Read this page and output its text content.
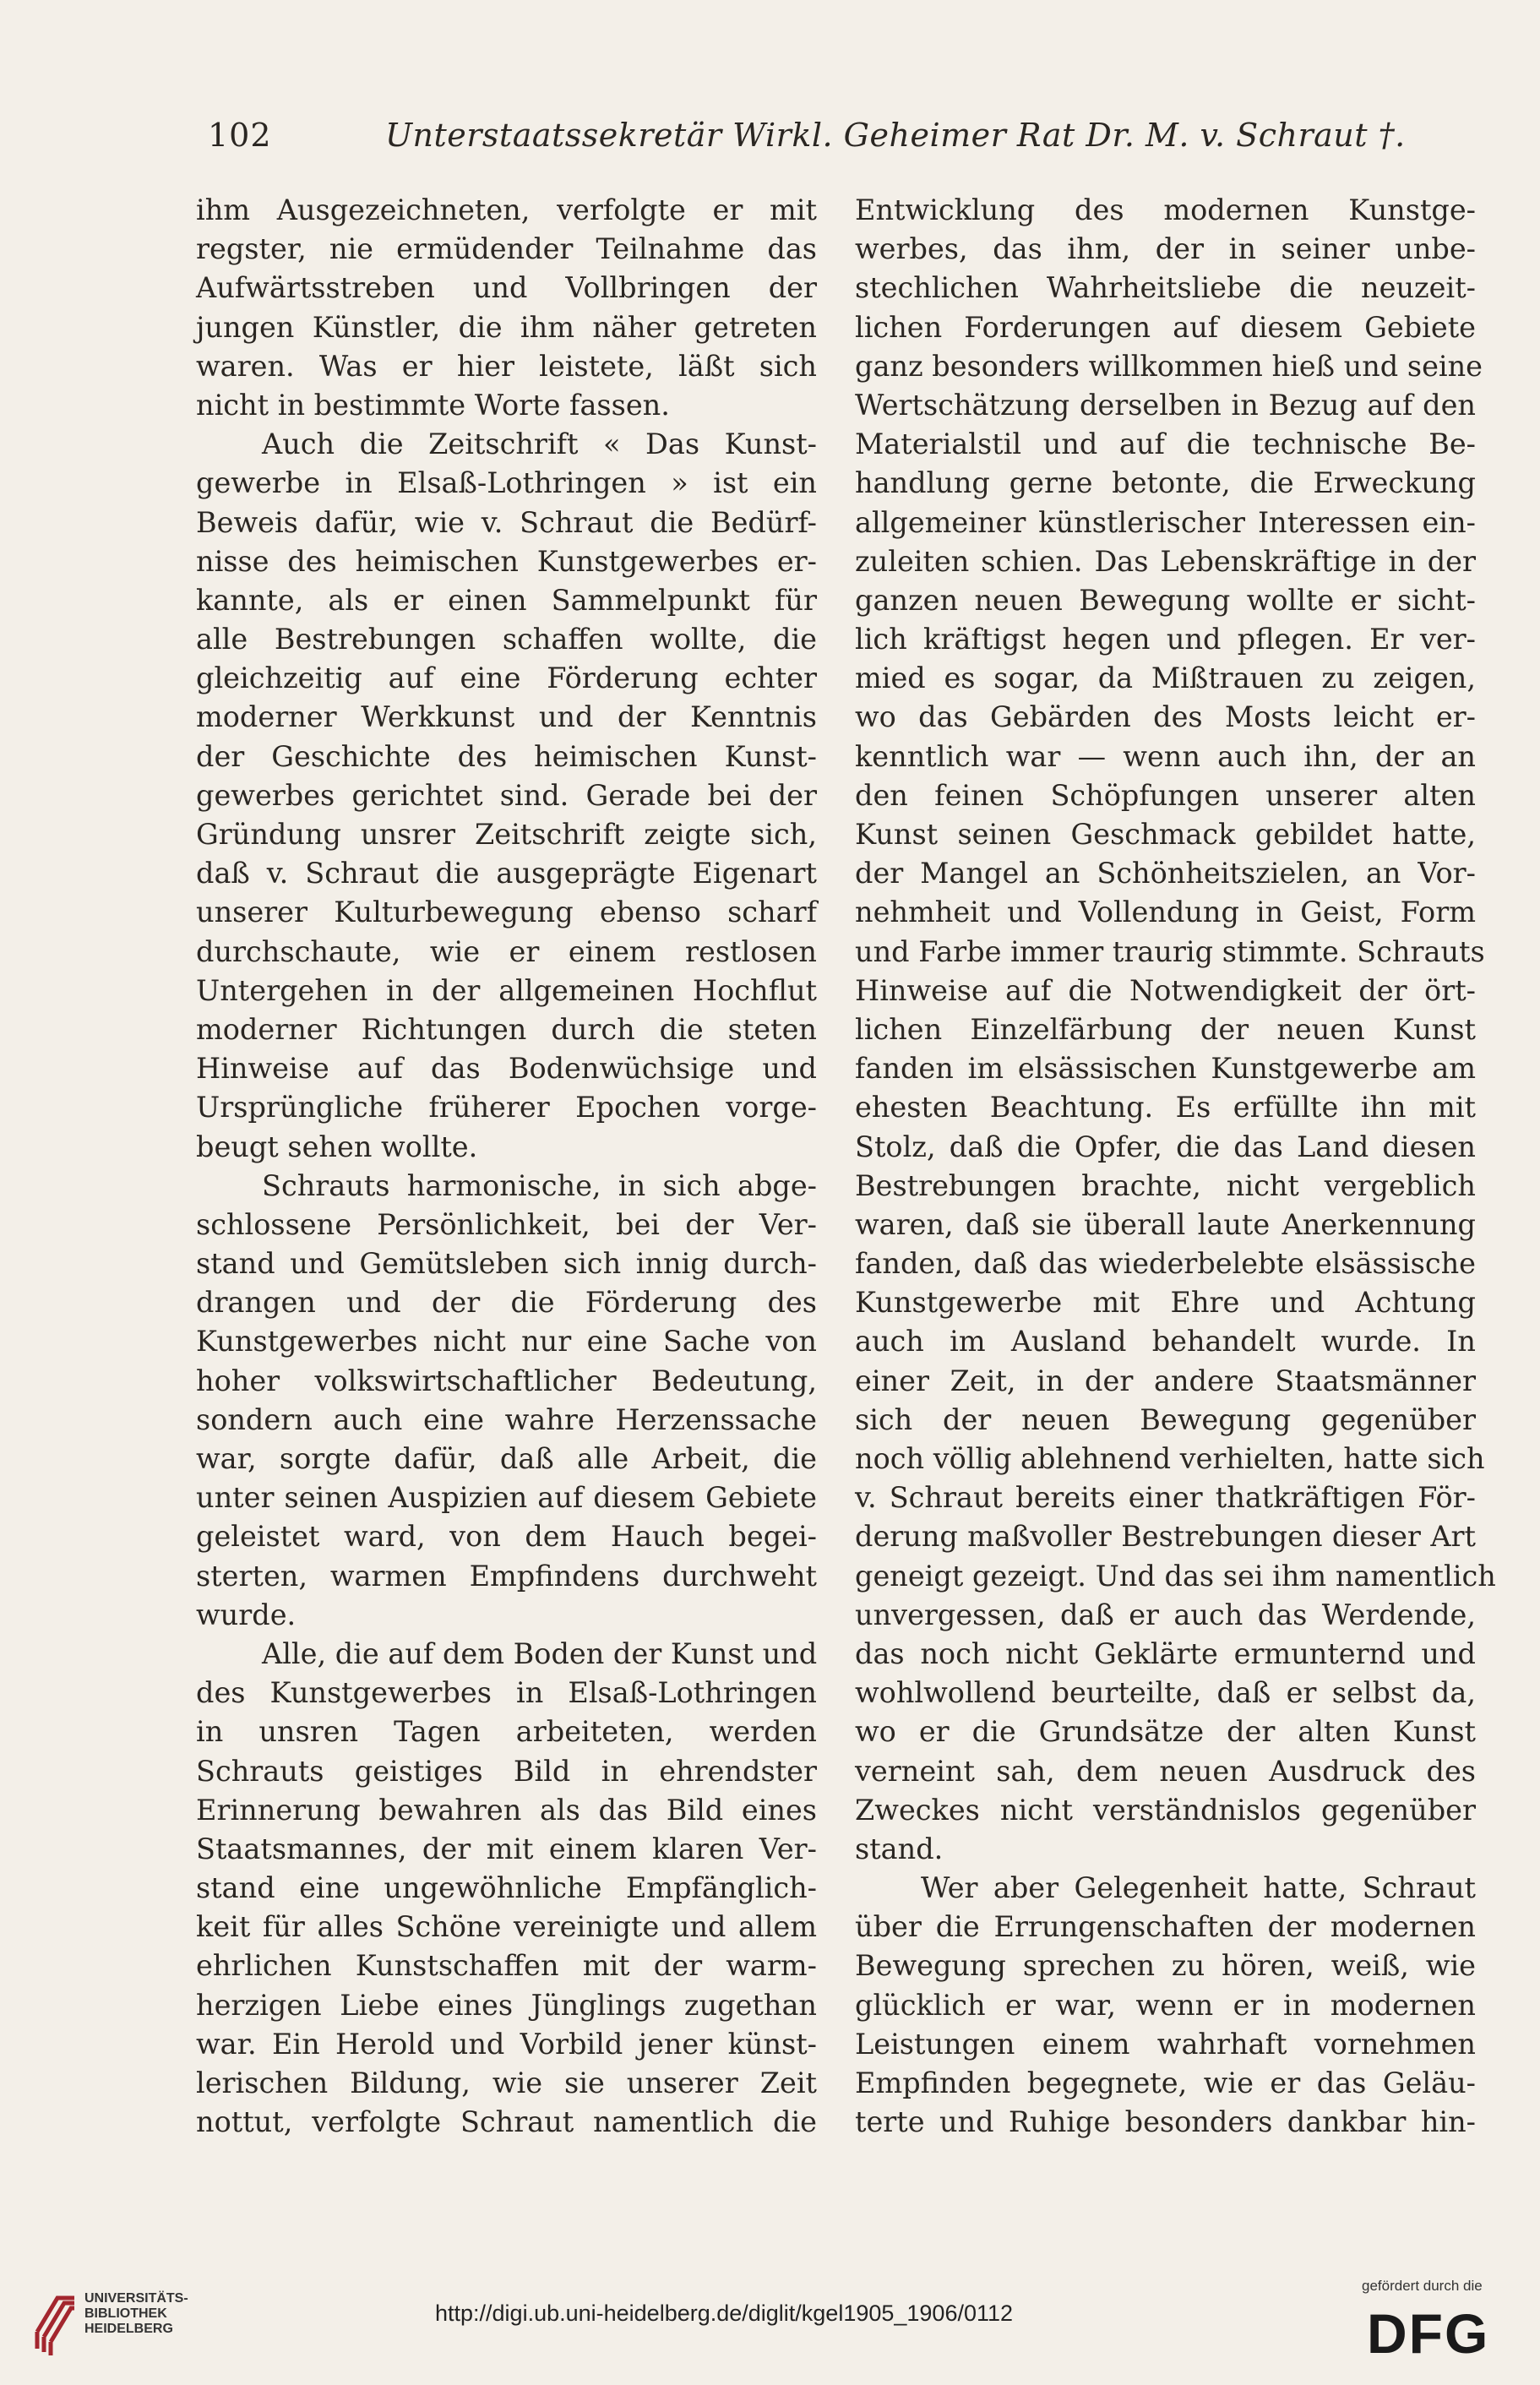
102	Unterstaatssekretär Wirkl. Geheimer Rat Dr. M. v. Schraut †.
ihm Ausgezeichneten, verfolgte er mit
regster, nie ermüdender Teilnahme das
Aufwärtsstreben und Vollbringen der
jungen Künstler, die ihm näher getreten
waren. Was er hier leistete, läßt sich
nicht in bestimmte Worte fassen.
Auch die Zeitschrift « Das Kunst-
gewerbe in Elsaß-Lothringen » ist ein
Beweis dafür, wie v. Schraut die Bedürf-
nisse des heimischen Kunstgewerbes er-
kannte, als er einen Sammelpunkt für
alle Bestrebungen schaffen wollte, die
gleichzeitig auf eine Förderung echter
moderner Werkkunst und der Kenntnis
der Geschichte des heimischen Kunst-
gewerbes gerichtet sind. Gerade bei der
Gründung unsrer Zeitschrift zeigte sich,
daß v. Schraut die ausgeprägte Eigenart
unserer Kulturbewegung ebenso scharf
durchschaute, wie er einem restlosen
Untergehen in der allgemeinen Hochflut
moderner Richtungen durch die steten
Hinweise auf das Bodenwüchsige und
Ursprüngliche früherer Epochen vorge-
beugt sehen wollte.
Schrauts harmonische, in sich abge-
schlossene Persönlichkeit, bei der Ver-
stand und Gemütsleben sich innig durch-
drangen und der die Förderung des
Kunstgewerbes nicht nur eine Sache von
hoher volkswirtschaftlicher Bedeutung,
sondern auch eine wahre Herzenssache
war, sorgte dafür, daß alle Arbeit, die
unter seinen Auspizien auf diesem Gebiete
geleistet ward, von dem Hauch begei-
sterten, warmen Empfindens durchweht
wurde.
Alle, die auf dem Boden der Kunst und
des Kunstgewerbes in Elsaß-Lothringen
in unsren Tagen arbeiteten, werden
Schrauts geistiges Bild in ehrendster
Erinnerung bewahren als das Bild eines
Staatsmannes, der mit einem klaren Ver-
stand eine ungewöhnliche Empfänglich-
keit für alles Schöne vereinigte und allem
ehrlichen Kunstschaffen mit der warm-
herzigen Liebe eines Jünglings zugethan
war. Ein Herold und Vorbild jener künst-
lerischen Bildung, wie sie unserer Zeit
nottut, verfolgte Schraut namentlich die
Entwicklung des modernen Kunstge-
werbes, das ihm, der in seiner unbe-
stechlichen Wahrheitsliebe die neuzeit-
lichen Forderungen auf diesem Gebiete
ganz besonders willkommen hieß und seine
Wertschätzung derselben in Bezug auf den
Materialstil und auf die technische Be-
handlung gerne betonte, die Erweckung
allgemeiner künstlerischer Interessen ein-
zuleiten schien. Das Lebenskräftige in der
ganzen neuen Bewegung wollte er sicht-
lich kräftigst hegen und pflegen. Er ver-
mied es sogar, da Mißtrauen zu zeigen,
wo das Gebärden des Mosts leicht er-
kenntlich war — wenn auch ihn, der an
den feinen Schöpfungen unserer alten
Kunst seinen Geschmack gebildet hatte,
der Mangel an Schönheitszielen, an Vor-
nehmheit und Vollendung in Geist, Form
und Farbe immer traurig stimmte. Schrauts
Hinweise auf die Notwendigkeit der ört-
lichen Einzelfärbung der neuen Kunst
fanden im elsässischen Kunstgewerbe am
ehesten Beachtung. Es erfüllte ihn mit
Stolz, daß die Opfer, die das Land diesen
Bestrebungen brachte, nicht vergeblich
waren, daß sie überall laute Anerkennung
fanden, daß das wiederbelebte elsässische
Kunstgewerbe mit Ehre und Achtung
auch im Ausland behandelt wurde. In
einer Zeit, in der andere Staatsmänner
sich der neuen Bewegung gegenüber
noch völlig ablehnend verhielten, hatte sich
v. Schraut bereits einer thatkräftigen För-
derung maßvoller Bestrebungen dieser Art
geneigt gezeigt. Und das sei ihm namentlich
unvergessen, daß er auch das Werdende,
das noch nicht Geklärte ermunternd und
wohlwollend beurteilte, daß er selbst da,
wo er die Grundsätze der alten Kunst
verneint sah, dem neuen Ausdruck des
Zweckes nicht verständnislos gegenüber
stand.
Wer aber Gelegenheit hatte, Schraut
über die Errungenschaften der modernen
Bewegung sprechen zu hören, weiß, wie
glücklich er war, wenn er in modernen
Leistungen einem wahrhaft vornehmen
Empfinden begegnete, wie er das Geläu-
terte und Ruhige besonders dankbar hin-
UNIVERSITÄTS-
BIBLIOTHEK
HEIDELBERG
http://digi.ub.uni-heidelberg.de/diglit/kgel1905_1906/0112
gefördert durch die
DFG
